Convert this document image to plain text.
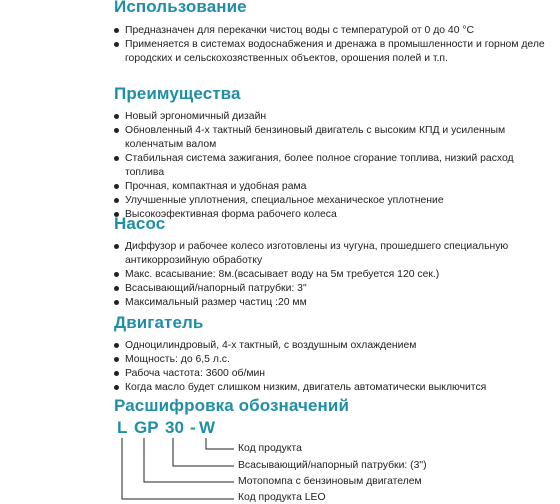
Использование
Предназначен для перекачки чистоц воды с температурой от 0 до 40 °С
Применяется в системах водоснабжения и дренажа в промышленности и горном деле городских и сельскохозяственных объектов, орошения полей и т.п.
Преимущества
Новый эргономичный дизайн
Обновленный 4-х тактный бензиновый двигатель с высоким КПД и усиленным коленчатым валом
Стабильная система зажигания, более полное сгорание топлива, низкий расход топлива
Прочная, компактная и удобная рама
Улучшенные уплотнения, специальное механическое уплотнение
Высокоэфективная форма рабочего колеса
Насос
Диффузор и рабочее колесо изготовлены из чугуна, прошедшего специальную антикоррозийную обработку
Макс. всасывание: 8м.(всасывает воду на 5м требуется 120 сек.)
Всасывающий/напорный патрубки: 3"
Максимальный размер частиц :20 мм
Двигатель
Одноцилиндровый, 4-х тактный, с воздушным охлаждением
Мощность: до 6,5 л.с.
Рабоча частота: 3600 об/мин
Когда масло будет слишком низким, двигатель автоматически выключится
Расшифровка обозначений
L GP 30 - W
Код продукта
Всасывающий/напорный патрубки: (3")
Мотопомпа с бензиновым двигателем
Код продукта LEO
